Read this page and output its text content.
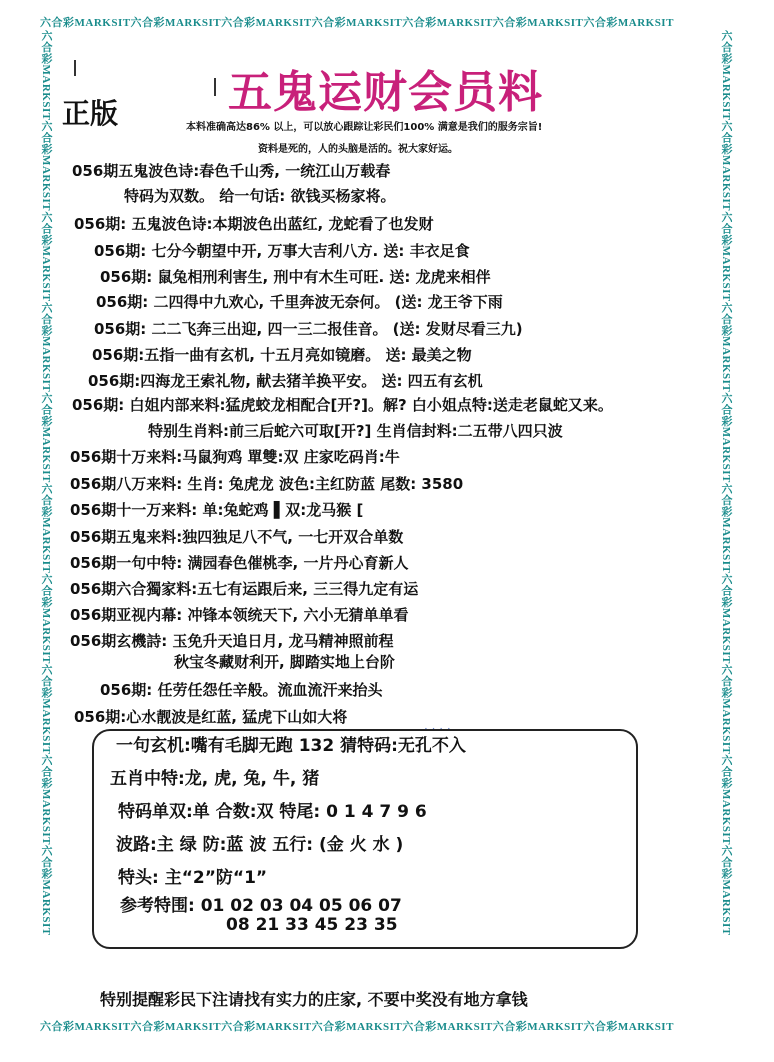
六合彩MARKSIT六合彩MARKSIT六合彩MARKSIT六合彩MARKSIT六合彩MARKSIT六合彩MARKSIT六合彩MARKSIT
六合彩MARKSIT六合彩MARKSIT六合彩MARKSIT六合彩MARKSIT六合彩MARKSIT六合彩MARKSIT六合彩MARKSIT
六合彩MARKSIT六合彩MARKSIT六合彩MARKSIT六合彩MARKSIT六合彩MARKSIT六合彩MARKSIT六合彩MARKSIT六合彩MARKSIT六合彩MARKSIT六合彩MARKSIT	六合彩MARKSIT六合彩MARKSIT六合彩MARKSIT六合彩MARKSIT六合彩MARKSIT六合彩MARKSIT六合彩MARKSIT六合彩MARKSIT六合彩MARKSIT六合彩MARKSIT
五鬼运财会员料
正版	本料准确高达86% 以上，可以放心跟踪让彩民们100% 满意是我们的服务宗旨!
资料是死的，人的头脑是活的。祝大家好运。
056期五鬼波色诗:春色千山秀, 一统江山万载春
特码为双数。 给一句话: 欲钱买杨家将。
056期: 五鬼波色诗:本期波色出蓝红, 龙蛇看了也发财
056期: 七分今朝望中开, 万事大吉利八方. 送: 丰衣足食
056期: 鼠兔相刑利害生, 刑中有木生可旺. 送: 龙虎来相伴
056期: 二四得中九欢心, 千里奔波无奈何。 (送: 龙王爷下雨
056期: 二二飞奔三出迎, 四一三二报佳音。 (送: 发财尽看三九)
056期:五指一曲有玄机, 十五月亮如镜磨。 送: 最美之物
056期:四海龙王索礼物, 献去猪羊换平安。 送: 四五有玄机
056期: 白姐内部来料:猛虎蛟龙相配合[开?]。解? 白小姐点特:送走老鼠蛇又来。
特别生肖料:前三后蛇六可取[开?] 生肖信封料:二五带八四只波
056期十万来料:马鼠狗鸡 單雙:双 庄家吃码肖:牛
056期八万来料: 生肖: 兔虎龙 波色:主红防蓝 尾数: 3580
056期十一万来料: 单:兔蛇鸡 ▌双:龙马猴 [
056期五鬼来料:独四独足八不气, 一七开双合单数
056期一句中特: 满园春色催桃李, 一片丹心育新人
056期六合獨家料:五七有运跟后来, 三三得九定有运
056期亚视内幕: 冲锋本领统天下, 六小无猜单单看
056期玄機詩: 玉免升天追日月, 龙马精神照前程
秋宝冬藏财利开, 脚踏实地上台阶
056期: 任劳任怨任辛般。流血流汗来抬头
056期:心水靓波是红蓝, 猛虎下山如大将
· · · ·
一句玄机:嘴有毛脚无跑 132 猜特码:无孔不入
五肖中特:龙, 虎, 兔, 牛, 猪
特码单双:单 合数:双 特尾: 0 1 4 7 9 6
波路:主 绿 防:蓝 波 五行: (金 火 水 )
特头: 主“2”防“1”
参考特围: 01 02 03 04 05 06 07
08 21 33 45 23 35
特别提醒彩民下注请找有实力的庄家, 不要中奖没有地方拿钱
